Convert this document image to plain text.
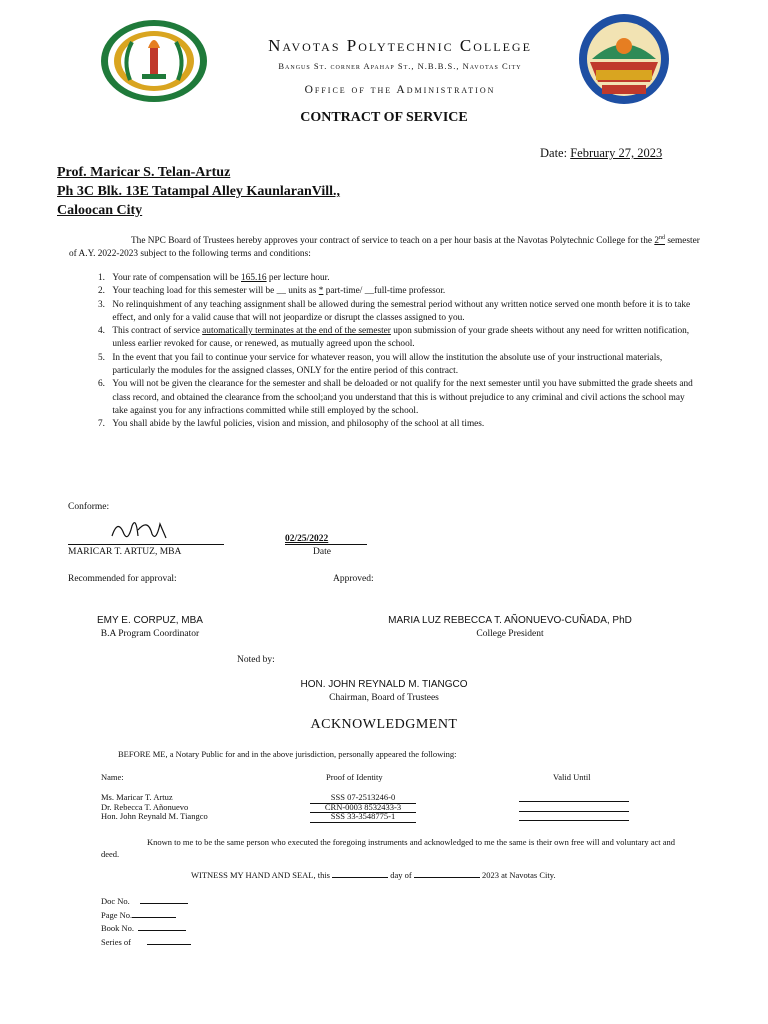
Navotas Polytechnic College
Bangus St. corner Apahap St., N.B.B.S., Navotas City
Office of the Administration
CONTRACT OF SERVICE
Date: February 27, 2023
Prof. Maricar S. Telan-Artuz
Ph 3C Blk. 13E Tatampal Alley KaunlaranVill.,
Caloocan City
The NPC Board of Trustees hereby approves your contract of service to teach on a per hour basis at the Navotas Polytechnic College for the 2nd semester of A.Y. 2022-2023 subject to the following terms and conditions:
1.
Your rate of compensation will be 165.16 per lecture hour.
2.
Your teaching load for this semester will be __ units as * part-time/ __full-time professor.
3.
No relinquishment of any teaching assignment shall be allowed during the semestral period without any written notice served one month before it is to take effect, and only for a valid cause that will not jeopardize or disrupt the classes assigned to you.
4.
This contract of service automatically terminates at the end of the semester upon submission of your grade sheets without any need for written notification, unless earlier revoked for cause, or renewed, as mutually agreed upon the school.
5.
In the event that you fail to continue your service for whatever reason, you will allow the institution the absolute use of your instructional materials, particularly the modules for the assigned classes, ONLY for the entire period of this contract.
6.
You will not be given the clearance for the semester and shall be deloaded or not qualify for the next semester until you have submitted the grade sheets and class record, and obtained the clearance from the school;and you understand that this is without prejudice to any criminal and civil actions the school may take against you for any infractions committed while still employed by the school.
7.
You shall abide by the lawful policies, vision and mission, and philosophy of the school at all times.
Conforme:
MARICAR T. ARTUZ, MBA
02/25/2022
Date
Recommended for approval:	Approved:
EMY E. CORPUZ, MBA
B.A Program Coordinator
MARIA LUZ REBECCA T. AÑONUEVO-CUÑADA, PhD
College President
Noted by:
HON. JOHN REYNALD M. TIANGCO
Chairman, Board of Trustees
ACKNOWLEDGMENT
BEFORE ME, a Notary Public for and in the above jurisdiction, personally appeared the following:
Name:	Proof of Identity	Valid Until
Ms. Maricar T. Artuz	SSS 07-2513246-0
Dr. Rebecca T. Añonuevo	CRN-0003 8532433-3
Hon. John Reynald M. Tiangco	SSS 33-3548775-1
Known to me to be the same person who executed the foregoing instruments and acknowledged to me the same is their own free will and voluntary act and deed.
WITNESS MY HAND AND SEAL, this	day of	2023 at Navotas City.
Doc No.
Page No.
Book No.
Series of
